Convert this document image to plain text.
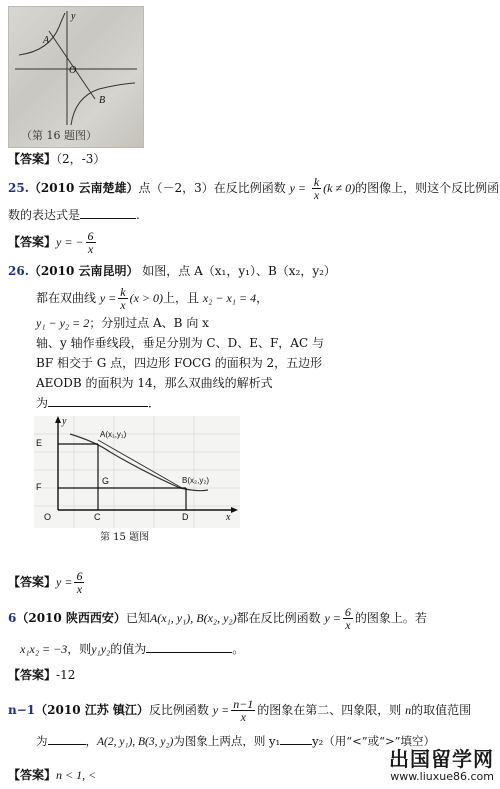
y
A
O
B
（第 16 题图）
【答案】（2，-3）
25.（2010 云南楚雄）点（－2，3）在反比例函数 $y = \frac{k}{x} (k \ne 0)$的图像上，则这个反比例函
数的表达式是	.
【答案】y = − $\frac{6}{x}$
26.（2010 云南昆明） 如图，点 A（x₁，y₁）、B（x₂，y₂）
都在双曲线 $y = \frac{k}{x} (x > 0)$上，且 x₂ − x₁ = 4，
y₁ − y₂ = 2；分别过点 A、B 向 x
轴、y 轴作垂线段，垂足分别为 C、D、E、F，AC 与
BF 相交于 G 点，四边形 FOCG 的面积为 2，五边形
AEODB 的面积为 14，那么双曲线的解析式
为	．
y
E
A(x₁,y₁)
F
G	B(x₂,y₂)
O	C	D	x
第 15 题图
【答案】$y = \frac{6}{x}$
6（2010 陕西西安）已知A(x₁, y₁), B(x₂, y₂)都在反比例函数 $y = \frac{6}{x}$ 的图象上。若
x₁x₂ = −3，则y₁y₂的值为	。
【答案】-12
n−1（2010 江苏 镇江）反比例函数 $y = \frac{n-1}{x}$ 的图象在第二、四象限，则 n的取值范围
为	，A(2, y₁), B(3, y₂)为图象上两点，则 y₁	y₂（用“<”或“>”填空）
【答案】n < 1, <
出国留学网
www.liuxue86.com
